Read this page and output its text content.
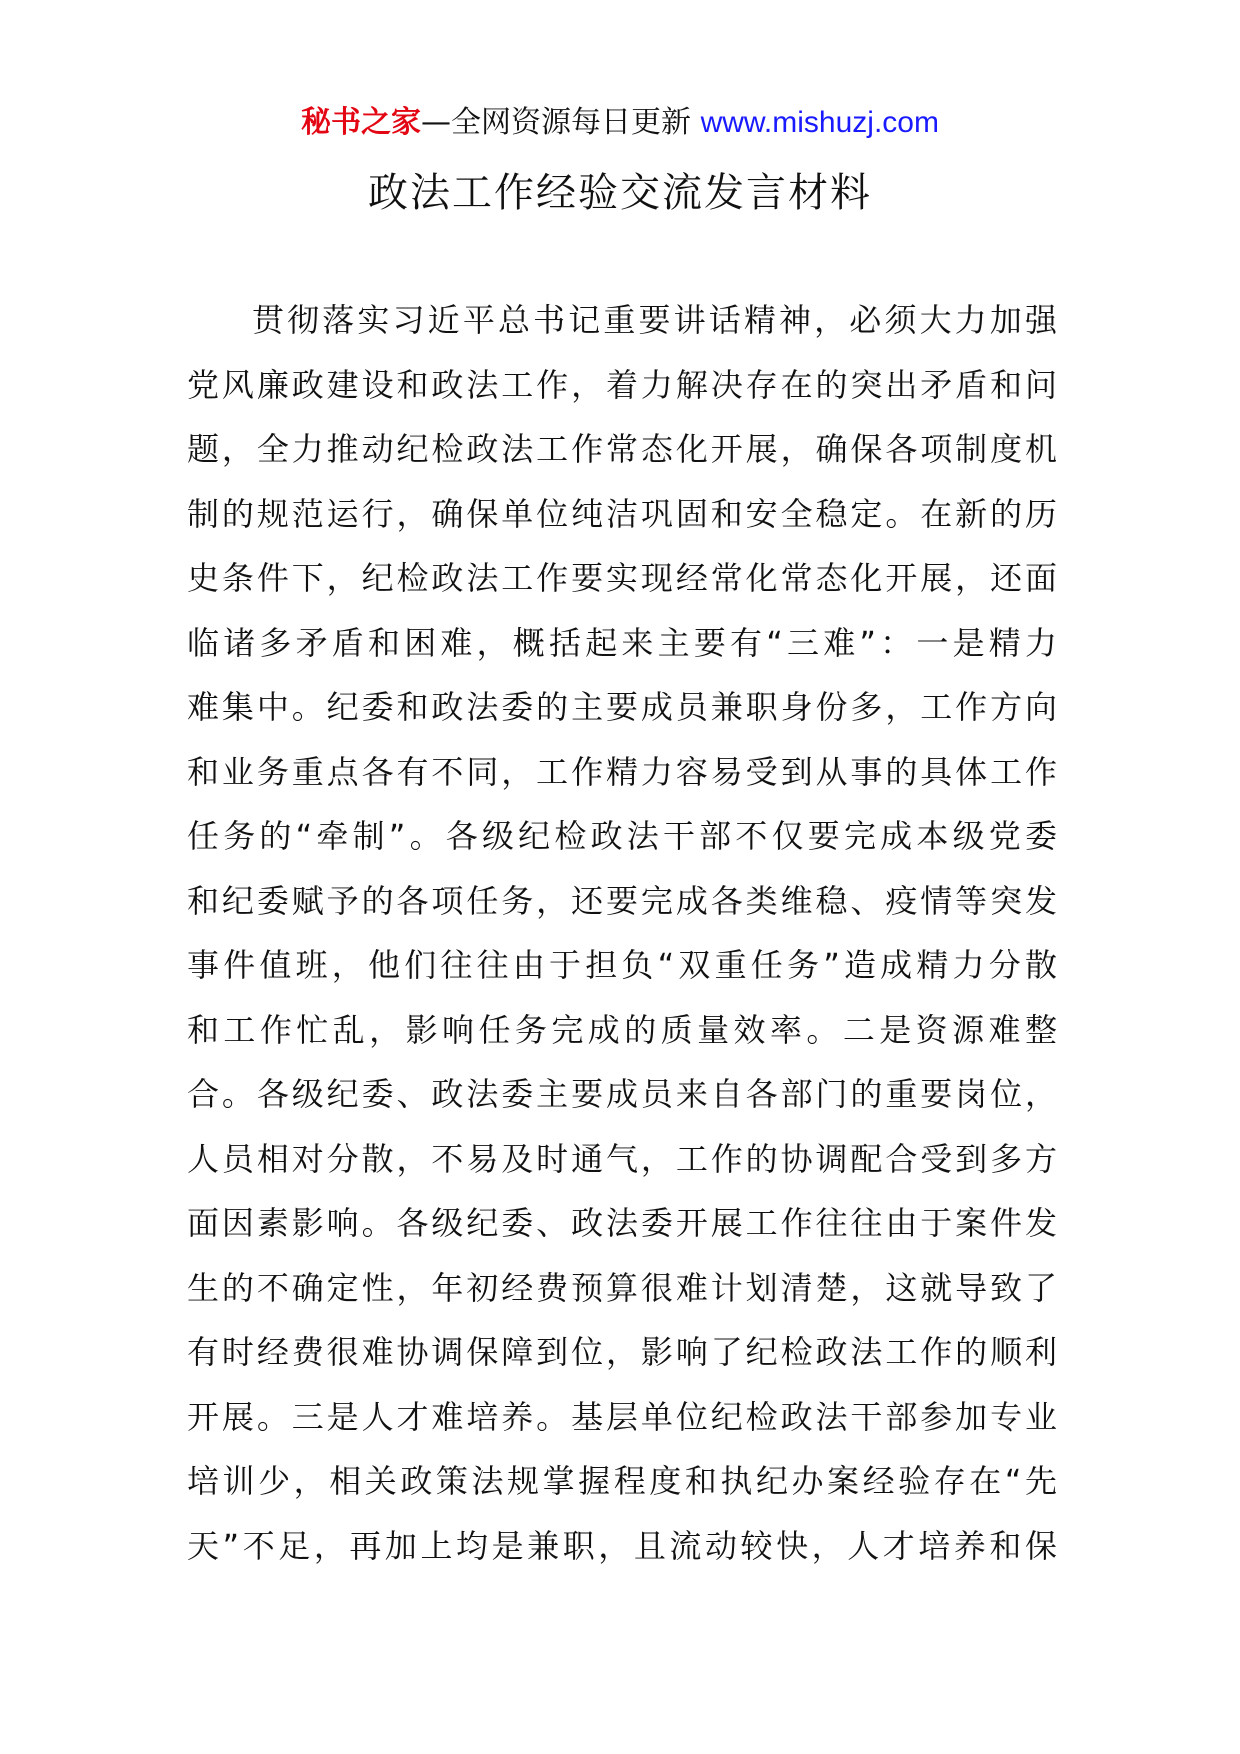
秘书之家—全网资源每日更新 www.mishuzj.com
政法工作经验交流发言材料
贯彻落实习近平总书记重要讲话精神，必须大力加强
党风廉政建设和政法工作，着力解决存在的突出矛盾和问
题，全力推动纪检政法工作常态化开展，确保各项制度机
制的规范运行，确保单位纯洁巩固和安全稳定。在新的历
史条件下，纪检政法工作要实现经常化常态化开展，还面
临诸多矛盾和困难，概括起来主要有“三难”：一是精力
难集中。纪委和政法委的主要成员兼职身份多，工作方向
和业务重点各有不同，工作精力容易受到从事的具体工作
任务的“牵制”。各级纪检政法干部不仅要完成本级党委
和纪委赋予的各项任务，还要完成各类维稳、疫情等突发
事件值班，他们往往由于担负“双重任务”造成精力分散
和工作忙乱，影响任务完成的质量效率。二是资源难整
合。各级纪委、政法委主要成员来自各部门的重要岗位，
人员相对分散，不易及时通气，工作的协调配合受到多方
面因素影响。各级纪委、政法委开展工作往往由于案件发
生的不确定性，年初经费预算很难计划清楚，这就导致了
有时经费很难协调保障到位，影响了纪检政法工作的顺利
开展。三是人才难培养。基层单位纪检政法干部参加专业
培训少，相关政策法规掌握程度和执纪办案经验存在“先
天”不足，再加上均是兼职，且流动较快，人才培养和保
